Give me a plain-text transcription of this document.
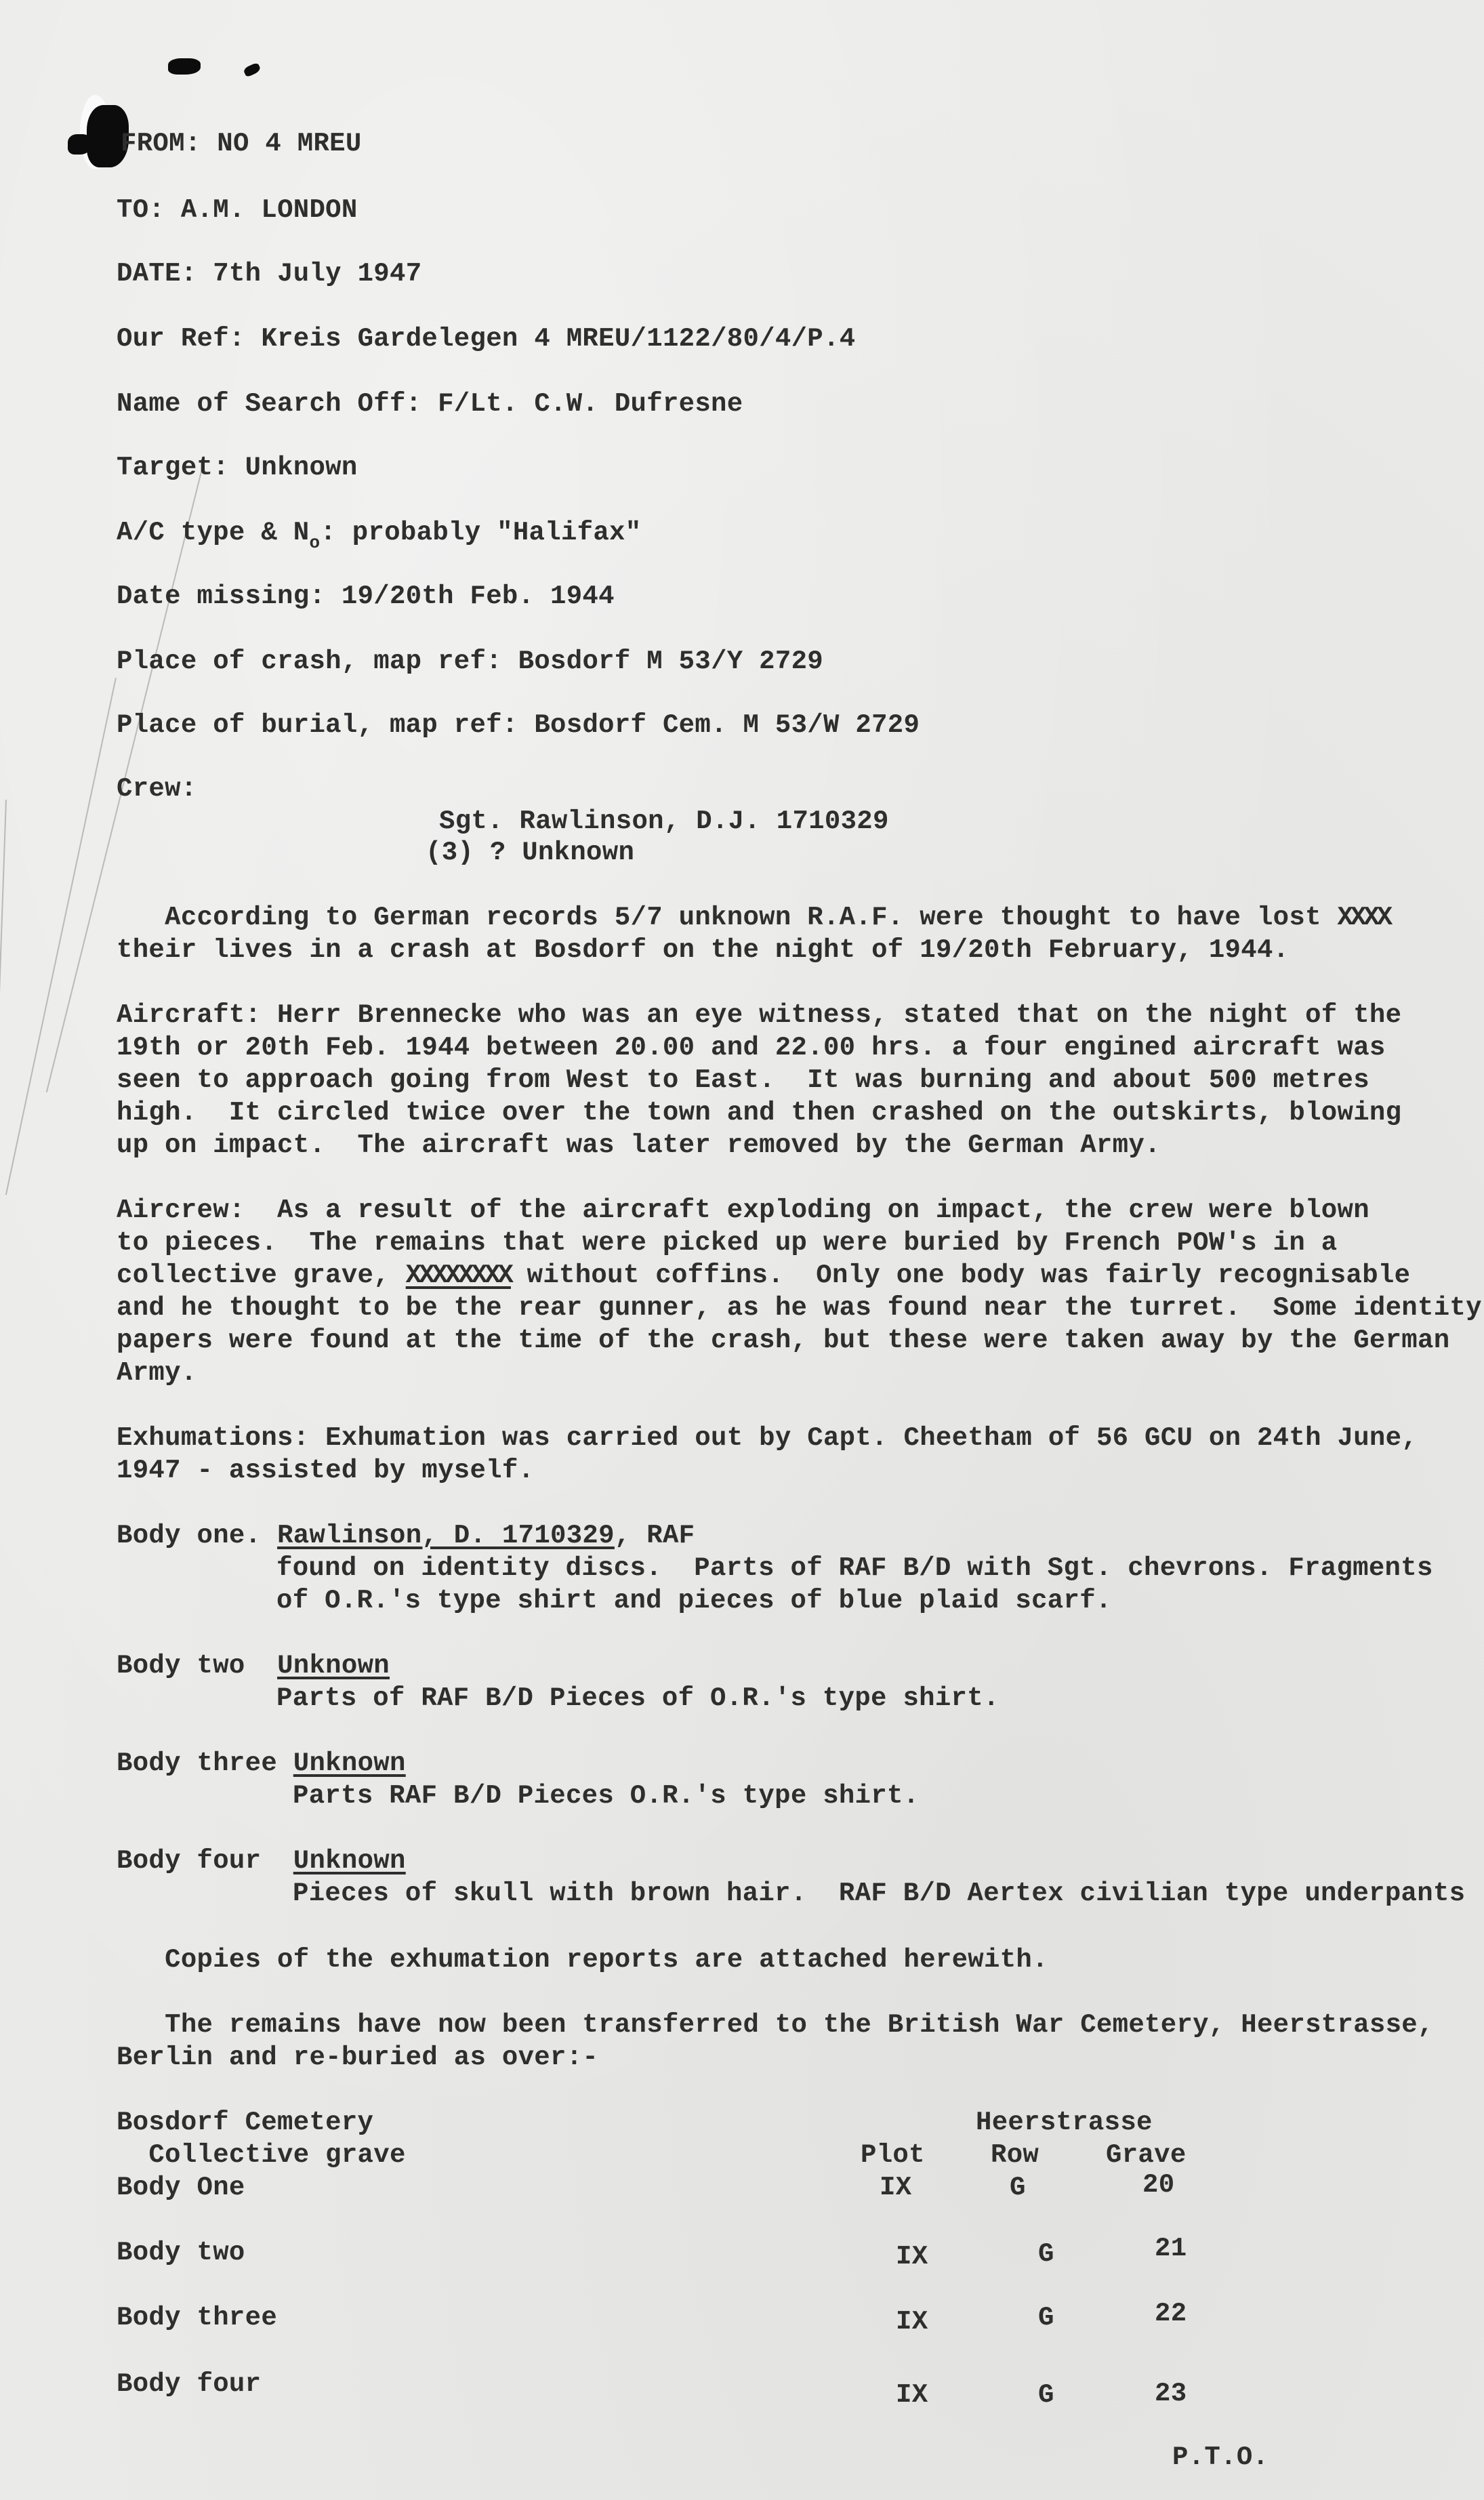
FROM: NO 4 MREU
TO: A.M. LONDON
DATE: 7th July 1947
Our Ref: Kreis Gardelegen 4 MREU/1122/80/4/P.4
Name of Search Off: F/Lt. C.W. Dufresne
Target: Unknown
A/C type & $N_o$: probably "Halifax"
Date missing: 19/20th Feb. 1944
Place of crash, map ref: Bosdorf M 53/Y 2729
Place of burial, map ref: Bosdorf Cem. M 53/W 2729
Crew:
Sgt. Rawlinson, D.J. 1710329
(3) ? Unknown
According to German records 5/7 unknown R.A.F. were thought to have lost XXXX
their lives in a crash at Bosdorf on the night of 19/20th February, 1944.
Aircraft: Herr Brennecke who was an eye witness, stated that on the night of the
19th or 20th Feb. 1944 between 20.00 and 22.00 hrs. a four engined aircraft was
seen to approach going from West to East.  It was burning and about 500 metres
high.  It circled twice over the town and then crashed on the outskirts, blowing
up on impact.  The aircraft was later removed by the German Army.
Aircrew:  As a result of the aircraft exploding on impact, the crew were blown
to pieces.  The remains that were picked up were buried by French POW's in a
collective grave, XXXXXXXX without coffins.  Only one body was fairly recognisable
and he thought to be the rear gunner, as he was found near the turret.  Some identity
papers were found at the time of the crash, but these were taken away by the German
Army.
Exhumations: Exhumation was carried out by Capt. Cheetham of 56 GCU on 24th June,
1947 - assisted by myself.
Body one. Rawlinson, D. 1710329, RAF
found on identity discs.  Parts of RAF B/D with Sgt. chevrons. Fragments
of O.R.'s type shirt and pieces of blue plaid scarf.
Body two Unknown
Parts of RAF B/D Pieces of O.R.'s type shirt.
Body three Unknown
Parts RAF B/D Pieces O.R.'s type shirt.
Body four Unknown
Pieces of skull with brown hair.  RAF B/D Aertex civilian type underpants
Copies of the exhumation reports are attached herewith.
The remains have now been transferred to the British War Cemetery, Heerstrasse,
Berlin and re-buried as over:-
Bosdorf Cemetery
Collective grave
Heerstrasse
Plot Row	Grave
Body One	IX	G	20
Body two	IX	G	21
Body three	IX	G	22
Body four	IX	G	23
P.T.O.
